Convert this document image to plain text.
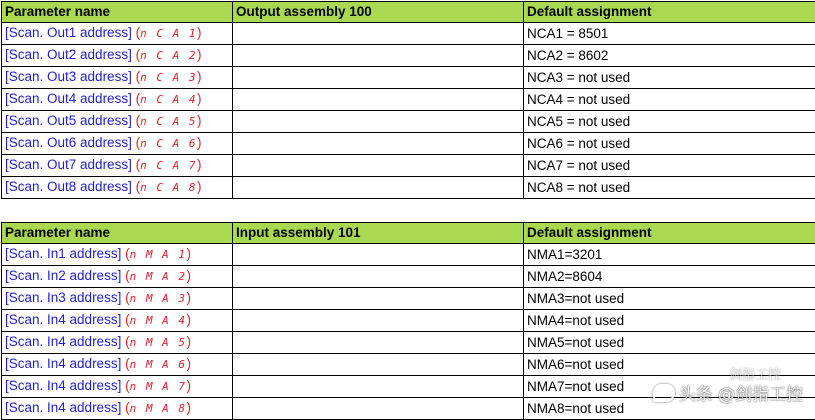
Parameter name	Output assembly 100	Default assignment
[Scan. Out1 address] (n C A 1)		NCA1 = 8501
[Scan. Out2 address] (n C A 2)		NCA2 = 8602
[Scan. Out3 address] (n C A 3)		NCA3 = not used
[Scan. Out4 address] (n C A 4)		NCA4 = not used
[Scan. Out5 address] (n C A 5)		NCA5 = not used
[Scan. Out6 address] (n C A 6)		NCA6 = not used
[Scan. Out7 address] (n C A 7)		NCA7 = not used
[Scan. Out8 address] (n C A 8)		NCA8 = not used
Parameter name	Input assembly 101	Default assignment
[Scan. In1 address] (n M A 1)		NMA1=3201
[Scan. In2 address] (n M A 2)		NMA2=8604
[Scan. In3 address] (n M A 3)		NMA3=not used
[Scan. In4 address] (n M A 4)		NMA4=not used
[Scan. In4 address] (n M A 5)		NMA5=not used
[Scan. In4 address] (n M A 6)		NMA6=not used
[Scan. In4 address] (n M A 7)		NMA7=not used
[Scan. In4 address] (n M A 8)		NMA8=not used
剑指工控
头条 @剑指工控
